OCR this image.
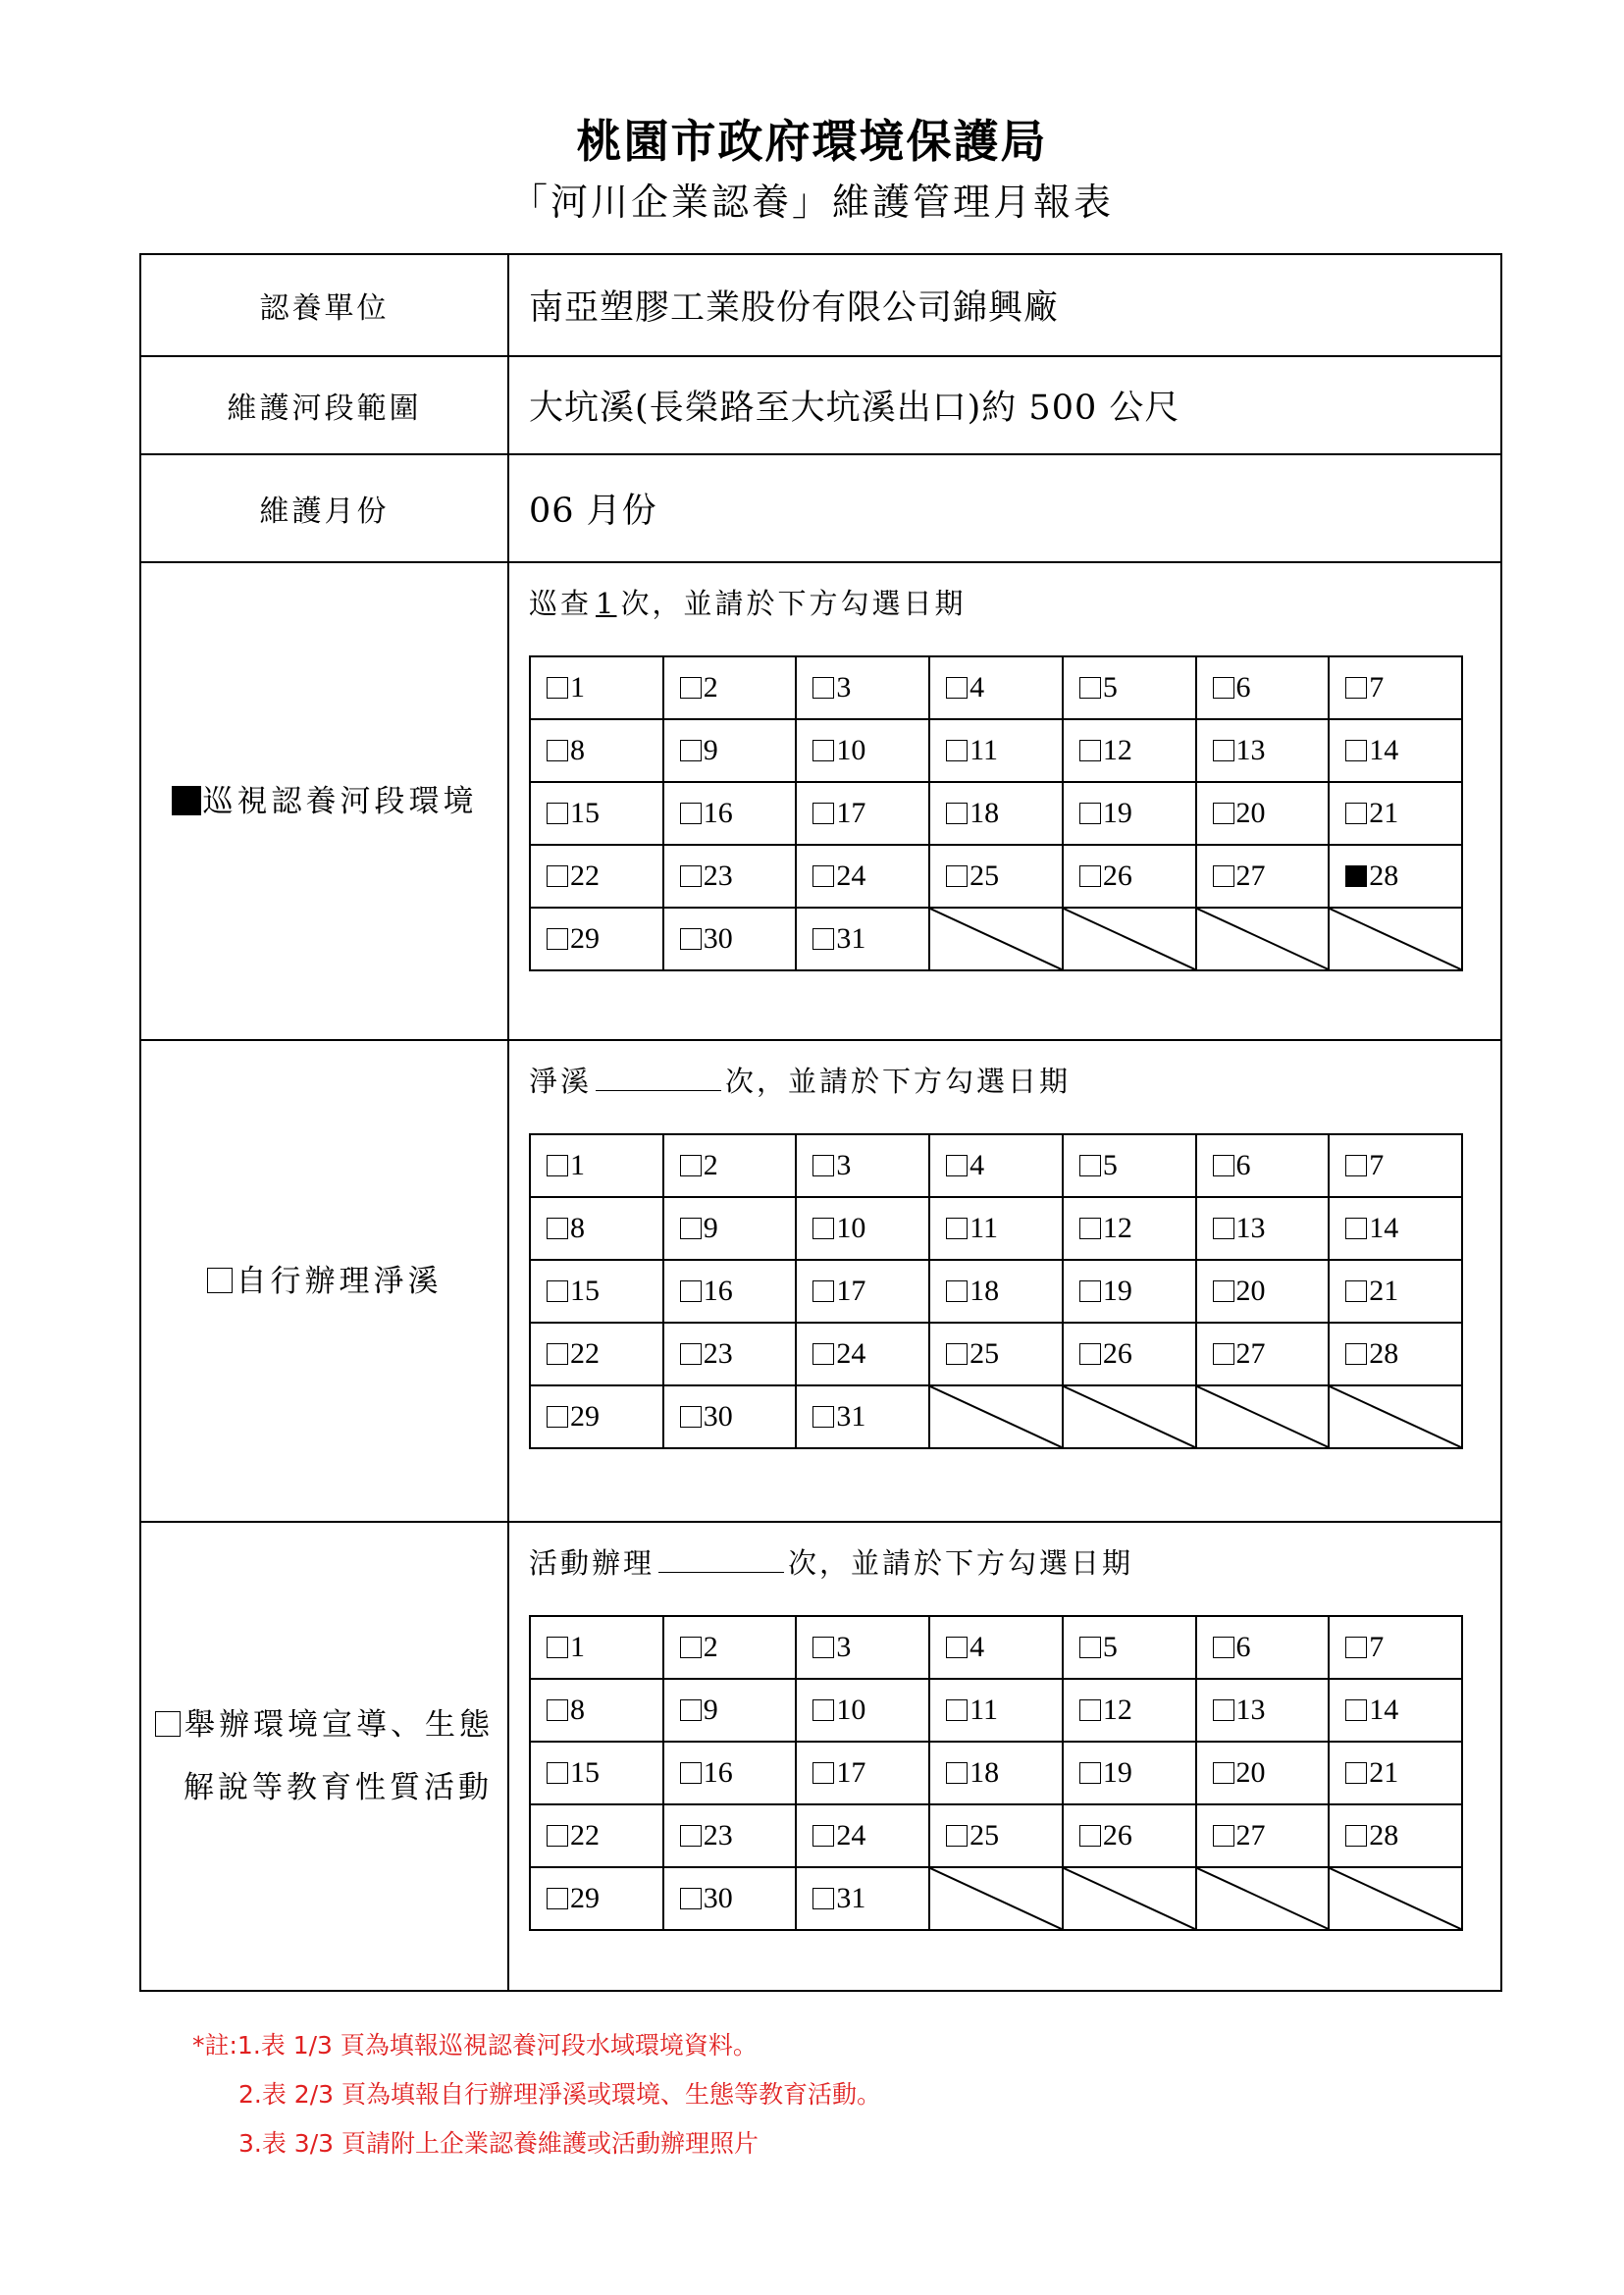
桃園市政府環境保護局
「河川企業認養」維護管理月報表
認養單位	南亞塑膠工業股份有限公司錦興廠
維護河段範圍	大坑溪(長榮路至大坑溪出口)約 500 公尺
維護月份	06 月份
巡視認養河段環境	
巡查 1 次，並請於下方勾選日期
1	2	3	4	5	6	7
8	9	10	11	12	13	14
15	16	17	18	19	20	21
22	23	24	25	26	27	28
29	30	31	

自行辦理淨溪	
淨溪	次，並請於下方勾選日期
1	2	3	4	5	6	7
8	9	10	11	12	13	14
15	16	17	18	19	20	21
22	23	24	25	26	27	28
29	30	31	

舉辦環境宣導、生態
解說等教育性質活動

活動辦理	次，並請於下方勾選日期
1	2	3	4	5	6	7
8	9	10	11	12	13	14
15	16	17	18	19	20	21
22	23	24	25	26	27	28
29	30	31	

*註:1.表 1/3 頁為填報巡視認養河段水域環境資料。
2.表 2/3 頁為填報自行辦理淨溪或環境、生態等教育活動。
3.表 3/3 頁請附上企業認養維護或活動辦理照片
